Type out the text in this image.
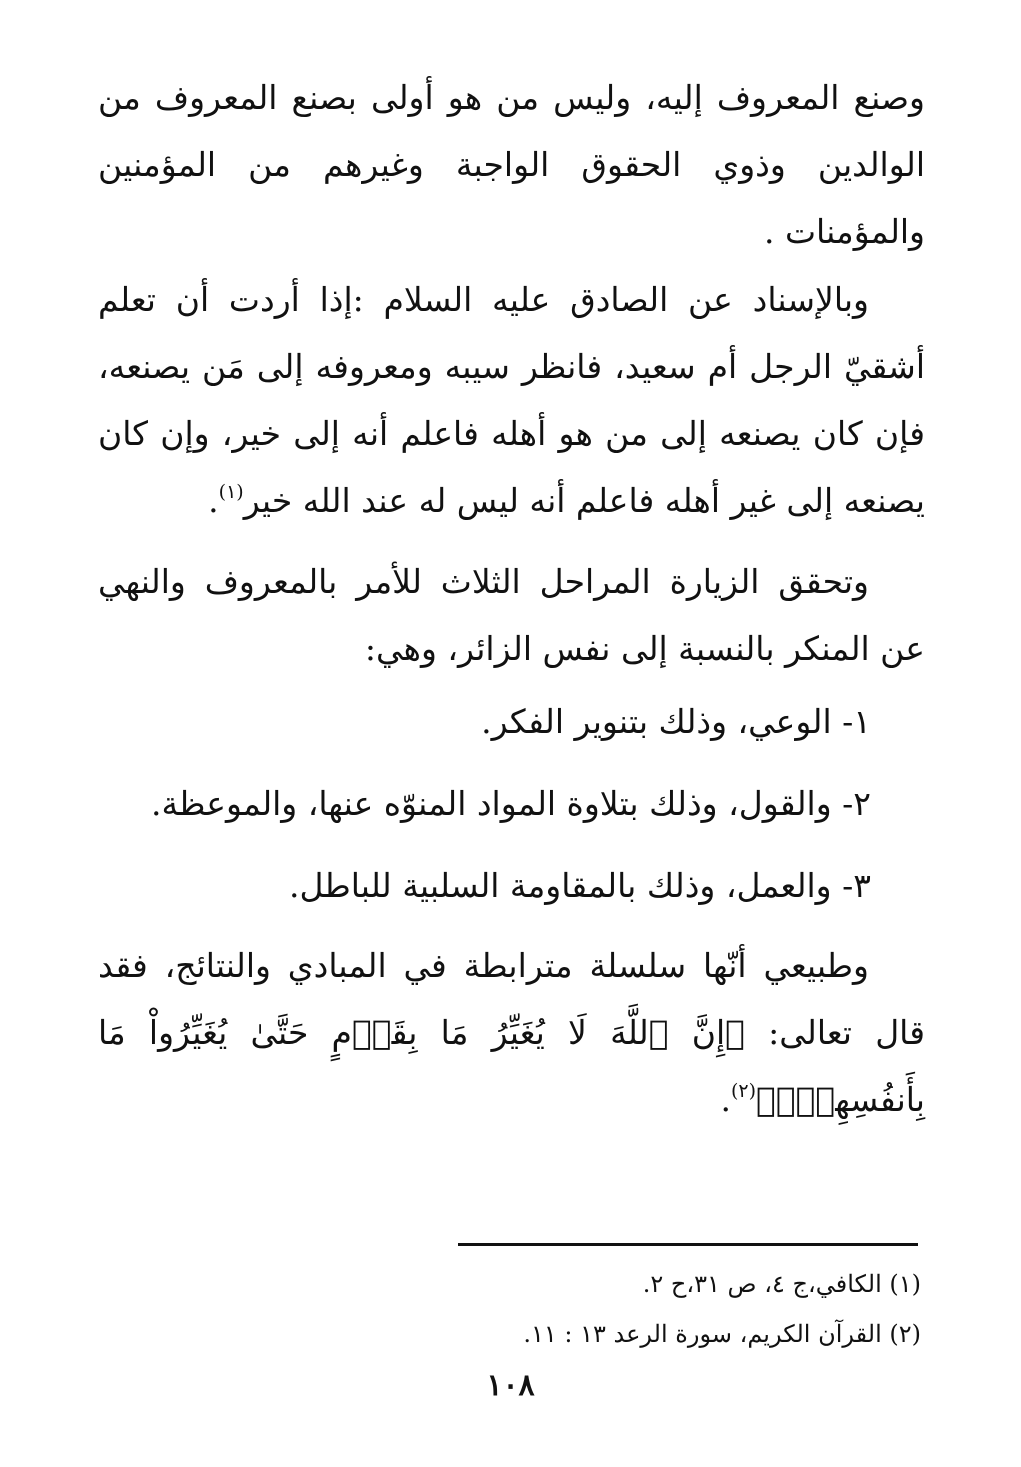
وصنع المعروف إليه، وليس من هو أولى بصنع المعروف من الوالدين وذوي الحقوق الواجبة وغيرهم من المؤمنين والمؤمنات .

وبالإسناد عن الصادق عليه السلام :إذا أردت أن تعلم أشقيّ الرجل أم سعيد، فانظر سيبه ومعروفه إلى مَن يصنعه، فإن كان يصنعه إلى من هو أهله فاعلم أنه إلى خير، وإن كان يصنعه إلى غير أهله فاعلم أنه ليس له عند الله خير$^{(١)}$.

وتحقق الزيارة المراحل الثلاث للأمر بالمعروف والنهي عن المنكر بالنسبة إلى نفس الزائر، وهي:

١- الوعي، وذلك بتنوير الفكر.

٢- والقول، وذلك بتلاوة المواد المنوّه عنها، والموعظة.

٣- والعمل، وذلك بالمقاومة السلبية للباطل.

وطبيعي أنّها سلسلة مترابطة في المبادي والنتائج، فقد قال تعالى: ﴿إِنَّ ٱللَّهَ لَا يُغَيِّرُ مَا بِقَوۡمٍ حَتَّىٰ يُغَيِّرُواْ مَا بِأَنفُسِهِمۡۗ﴾$^{(٢)}$.

(١) الكافي،ج ٤، ص ٣١،ح ٢.

(٢) القرآن الكريم، سورة الرعد ١٣ : ١١.

١٠٨
